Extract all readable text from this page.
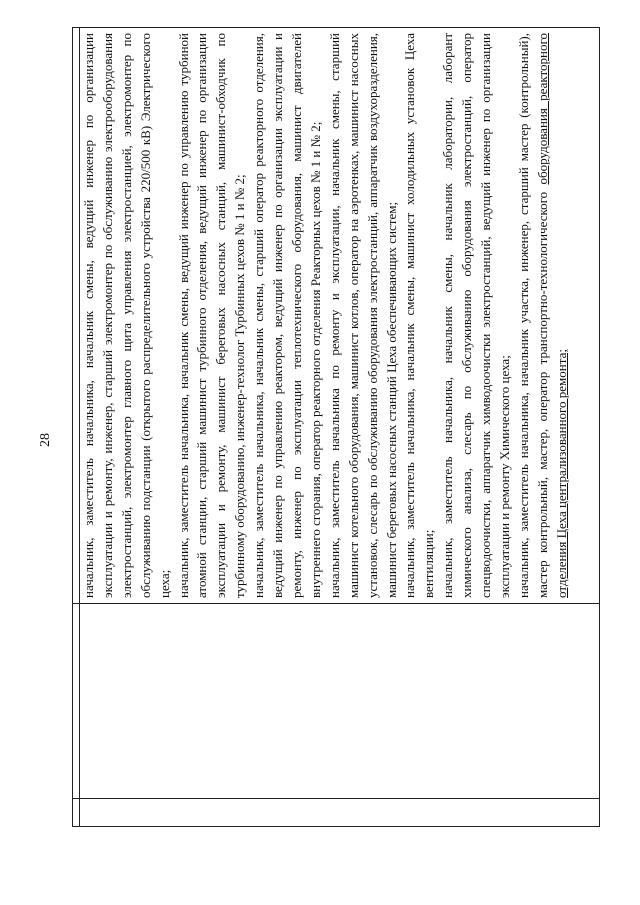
28 начальник, заместитель начальника, начальник смены, ведущий инженер по организации эксплуатации и ремонту, инженер, старший электромонтер по обслуживанию электрооборудования электростанций, электромонтер главного щита управления электростанцией, электромонтер по обслуживанию подстанции (открытого распределительного устройства 220/500 кВ) Электрического цеха; начальник, заместитель начальника, начальник смены, ведущий инженер по управлению турбиной атомной станции, старший машинист турбинного отделения, ведущий инженер по организации эксплуатации и ремонту, машинист береговых насосных станций, машинист-обходчик по турбинному оборудованию, инженер-технолог Турбинных цехов № 1 и № 2; начальник, заместитель начальника, начальник смены, старший оператор реакторного отделения, ведущий инженер по управлению реактором, ведущий инженер по организации эксплуатации и ремонту, инженер по эксплуатации теплотехнического оборудования, машинист двигателей внутреннего сгорания, оператор реакторного отделения Реакторных цехов № 1 и № 2; начальник, заместитель начальника по ремонту и эксплуатации, начальник смены, старший машинист котельного оборудования, машинист котлов, оператор на аэротенках, машинист насосных установок, слесарь по обслуживанию оборудования электростанций, аппаратчик воздухоразделения, машинист береговых насосных станций Цеха обеспечивающих систем; начальник, заместитель начальника, начальник смены, машинист холодильных установок Цеха вентиляции; начальник, заместитель начальника, начальник смены, начальник лаборатории, лаборант химического анализа, слесарь по обслуживанию оборудования электростанций, оператор спецводоочистки, аппаратчик химводоочистки электростанций, ведущий инженер по организации эксплуатации и ремонту Химического цеха; начальник, заместитель начальника, начальник участка, инженер, старший мастер (контрольный), мастер контрольный, мастер, оператор транспортно-технологического оборудования реакторного отделения Цеха централизованного ремонта;
